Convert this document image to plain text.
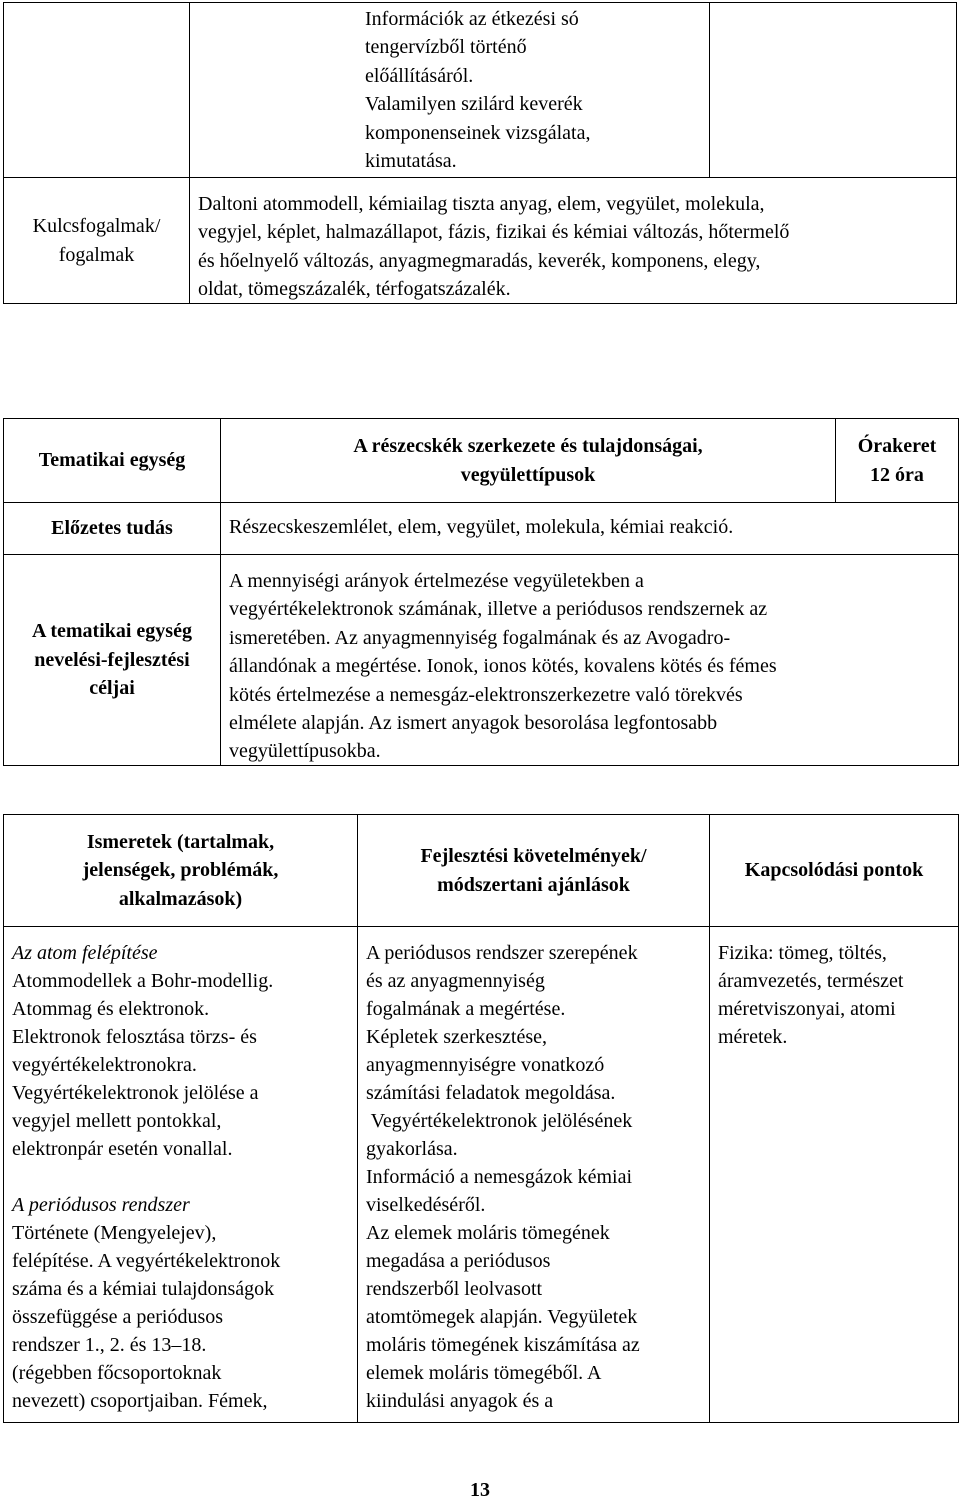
Információk az étkezési só
tengervízből történő
előállításáról.
Valamilyen szilárd keverék
komponenseinek vizsgálata,
kimutatása.
Kulcsfogalmak/
fogalmak
Daltoni atommodell, kémiailag tiszta anyag, elem, vegyület, molekula,
vegyjel, képlet, halmazállapot, fázis, fizikai és kémiai változás, hőtermelő
és hőelnyelő változás, anyagmegmaradás, keverék, komponens, elegy,
oldat, tömegszázalék, térfogatszázalék.
Tematikai egység
A részecskék szerkezete és tulajdonságai,
vegyülettípusok
Órakeret
12 óra
Előzetes tudás	Részecskeszemlélet, elem, vegyület, molekula, kémiai reakció.
A tematikai egység
nevelési-fejlesztési
céljai
A mennyiségi arányok értelmezése vegyületekben a
vegyértékelektronok számának, illetve a periódusos rendszernek az
ismeretében. Az anyagmennyiség fogalmának és az Avogadro-
állandónak a megértése. Ionok, ionos kötés, kovalens kötés és fémes
kötés értelmezése a nemesgáz-elektronszerkezetre való törekvés
elmélete alapján. Az ismert anyagok besorolása legfontosabb
vegyülettípusokba.
Ismeretek (tartalmak,
jelenségek, problémák,
alkalmazások)
Fejlesztési követelmények/
módszertani ajánlások
Kapcsolódási pontok
Az atom felépítése
Atommodellek a Bohr-modellig.
Atommag és elektronok.
Elektronok felosztása törzs- és
vegyértékelektronokra.
Vegyértékelektronok jelölése a
vegyjel mellett pontokkal,
elektronpár esetén vonallal.
A periódusos rendszer
Története (Mengyelejev),
felépítése. A vegyértékelektronok
száma és a kémiai tulajdonságok
összefüggése a periódusos
rendszer 1., 2. és 13–18.
(régebben főcsoportoknak
nevezett) csoportjaiban. Fémek,
A periódusos rendszer szerepének
és az anyagmennyiség
fogalmának a megértése.
Képletek szerkesztése,
anyagmennyiségre vonatkozó
számítási feladatok megoldása.
Vegyértékelektronok jelölésének
gyakorlása.
Információ a nemesgázok kémiai
viselkedéséről.
Az elemek moláris tömegének
megadása a periódusos
rendszerből leolvasott
atomtömegek alapján. Vegyületek
moláris tömegének kiszámítása az
elemek moláris tömegéből. A
kiindulási anyagok és a
Fizika: tömeg, töltés,
áramvezetés, természet
méretviszonyai, atomi
méretek.
13
